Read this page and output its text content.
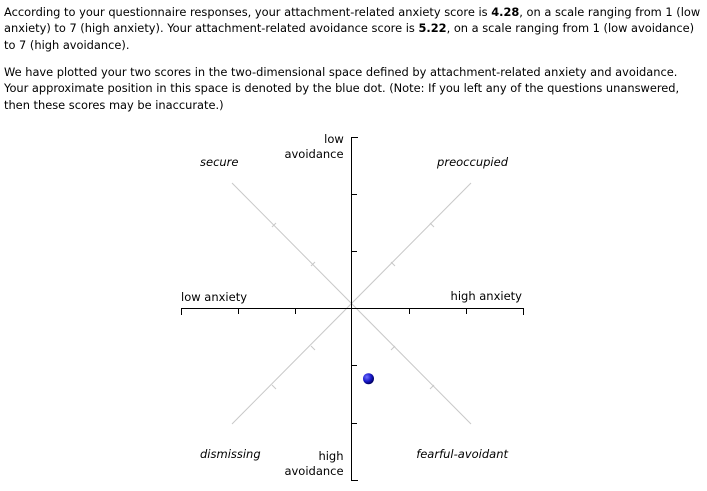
According to your questionnaire responses, your attachment-related anxiety score is 4.28, on a scale ranging from 1 (low anxiety) to 7 (high anxiety). Your attachment-related avoidance score is 5.22, on a scale ranging from 1 (low avoidance) to 7 (high avoidance).

We have plotted your two scores in the two-dimensional space defined by attachment-related anxiety and avoidance. Your approximate position in this space is denoted by the blue dot. (Note: If you left any of the questions unanswered, then these scores may be inaccurate.)

low
avoidance
high
avoidance
low anxiety	high anxiety
secure	preoccupied
dismissing	fearful-avoidant
